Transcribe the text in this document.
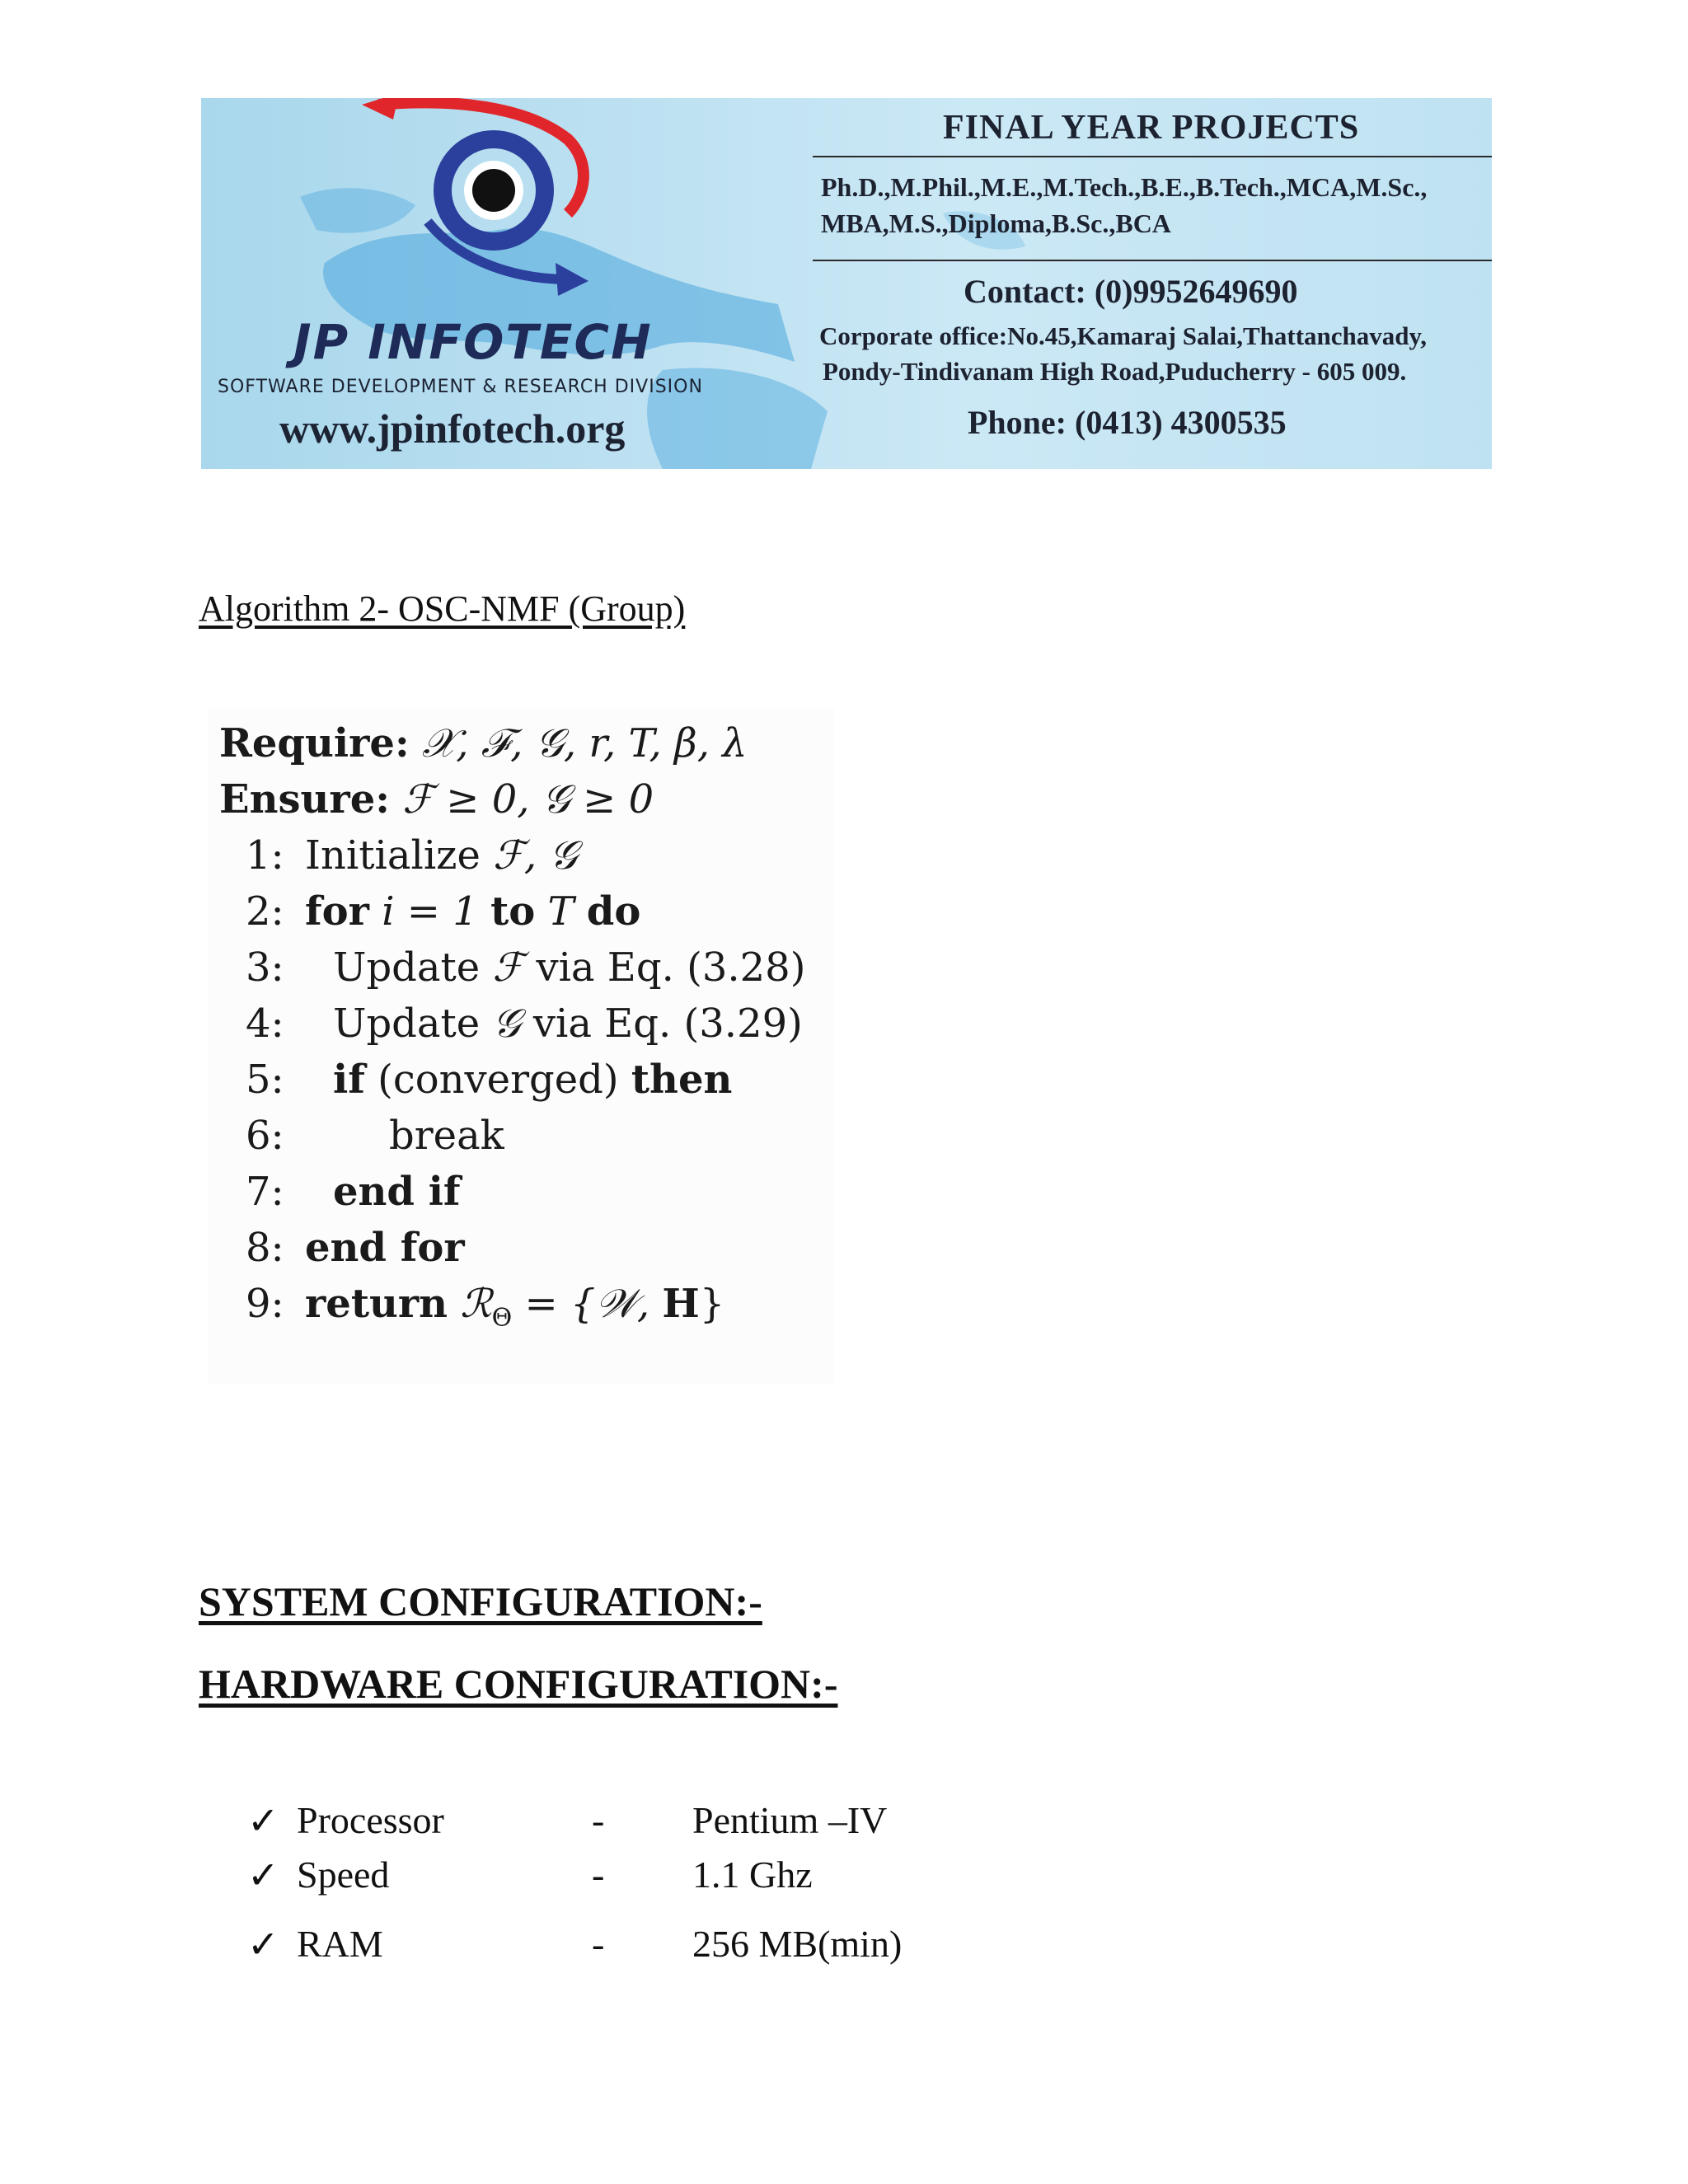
JP INFOTECH
SOFTWARE DEVELOPMENT & RESEARCH DIVISION
www.jpinfotech.org
FINAL YEAR PROJECTS
Ph.D.,M.Phil.,M.E.,M.Tech.,B.E.,B.Tech.,MCA,M.Sc.,
MBA,M.S.,Diploma,B.Sc.,BCA
Contact: (0)9952649690
Corporate office:No.45,Kamaraj Salai,Thattanchavady,
Pondy-Tindivanam High Road,Puducherry - 605 009.
Phone: (0413) 4300535
Algorithm 2- OSC-NMF (Group)
Require: 𝒳, ℱ, 𝒢, r, T, β, λ
Ensure: ℱ ≥ 0, 𝒢 ≥ 0
1: Initialize ℱ, 𝒢
2: for i = 1 to T do
3: Update ℱ via Eq. (3.28)
4: Update 𝒢 via Eq. (3.29)
5: if (converged) then
6:	break
7: end if
8: end for
9: return ℛ$_\Theta$ = {𝒲, H}
SYSTEM CONFIGURATION:-
HARDWARE CONFIGURATION:-
✓ Processor	- Pentium –IV
✓ Speed	- 1.1 Ghz
✓ RAM	- 256 MB(min)
